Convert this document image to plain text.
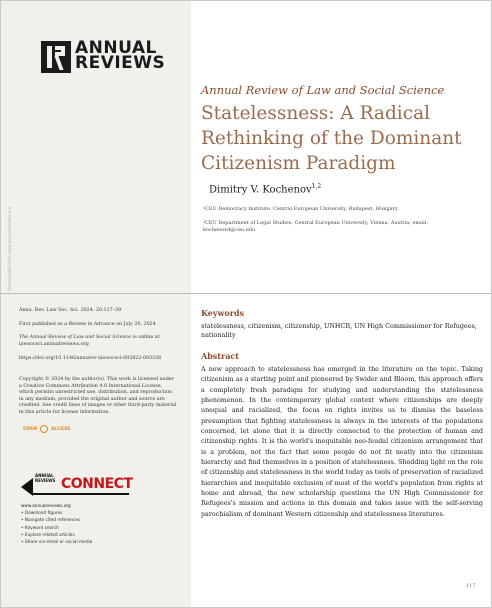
Downloaded from www.annualreviews.org
ANNUAL
REVIEWS
Annual Review of Law and Social Science
Statelessness: A Radical Rethinking of the Dominant Citizenism Paradigm
Dimitry V. Kochenov$^{1,2}$
¹CEU Democracy Institute, Central European University, Budapest, Hungary
²CEU Department of Legal Studies, Central European University, Vienna, Austria; email: kochenovd@ceu.edu

Annu. Rev. Law Soc. Sci. 2024. 20:117–39

First published as a Review in Advance on July 26, 2024

The Annual Review of Law and Social Science is online at lawsocsci.annualreviews.org

https://doi.org/10.1146/annurev-lawsocsci-092822-093326

Copyright © 2024 by the author(s). This work is licensed under a Creative Commons Attribution 4.0 International License, which permits unrestricted use, distribution, and reproduction in any medium, provided the original author and source are credited. See credit lines of images or other third-party material in this article for license information.

OPEN	ACCESS
ANNUAL REVIEWS CONNECT
www.annualreviews.org
• Download figures
• Navigate cited references
• Keyword search
• Explore related articles
• Share via email or social media
Keywords
statelessness, citizenism, citizenship, UNHCR, UN High Commissioner for Refugees, nationality
Abstract

A new approach to statelessness has emerged in the literature on the topic. Taking citizenism as a starting point and pioneered by Swider and Bloom, this approach offers a completely fresh paradigm for studying and understanding the statelessness phenomenon. In the contemporary global context where citizenships are deeply unequal and racialized, the focus on rights invites us to dismiss the baseless presumption that fighting statelessness is always in the interests of the populations concerned, let alone that it is directly connected to the protection of human and citizenship rights. It is the world's inequitable neo-feudal citizenism arrangement that is a problem, not the fact that some people do not fit neatly into the citizenism hierarchy and find themselves in a position of statelessness. Shedding light on the role of citizenship and statelessness in the world today as tools of preservation of racialized hierarchies and inequitable exclusion of most of the world's population from rights at home and abroad, the new scholarship questions the UN High Commissioner for Refugees's mission and actions in this domain and takes issue with the self-serving parochialism of dominant Western citizenship and statelessness literatures.

117
